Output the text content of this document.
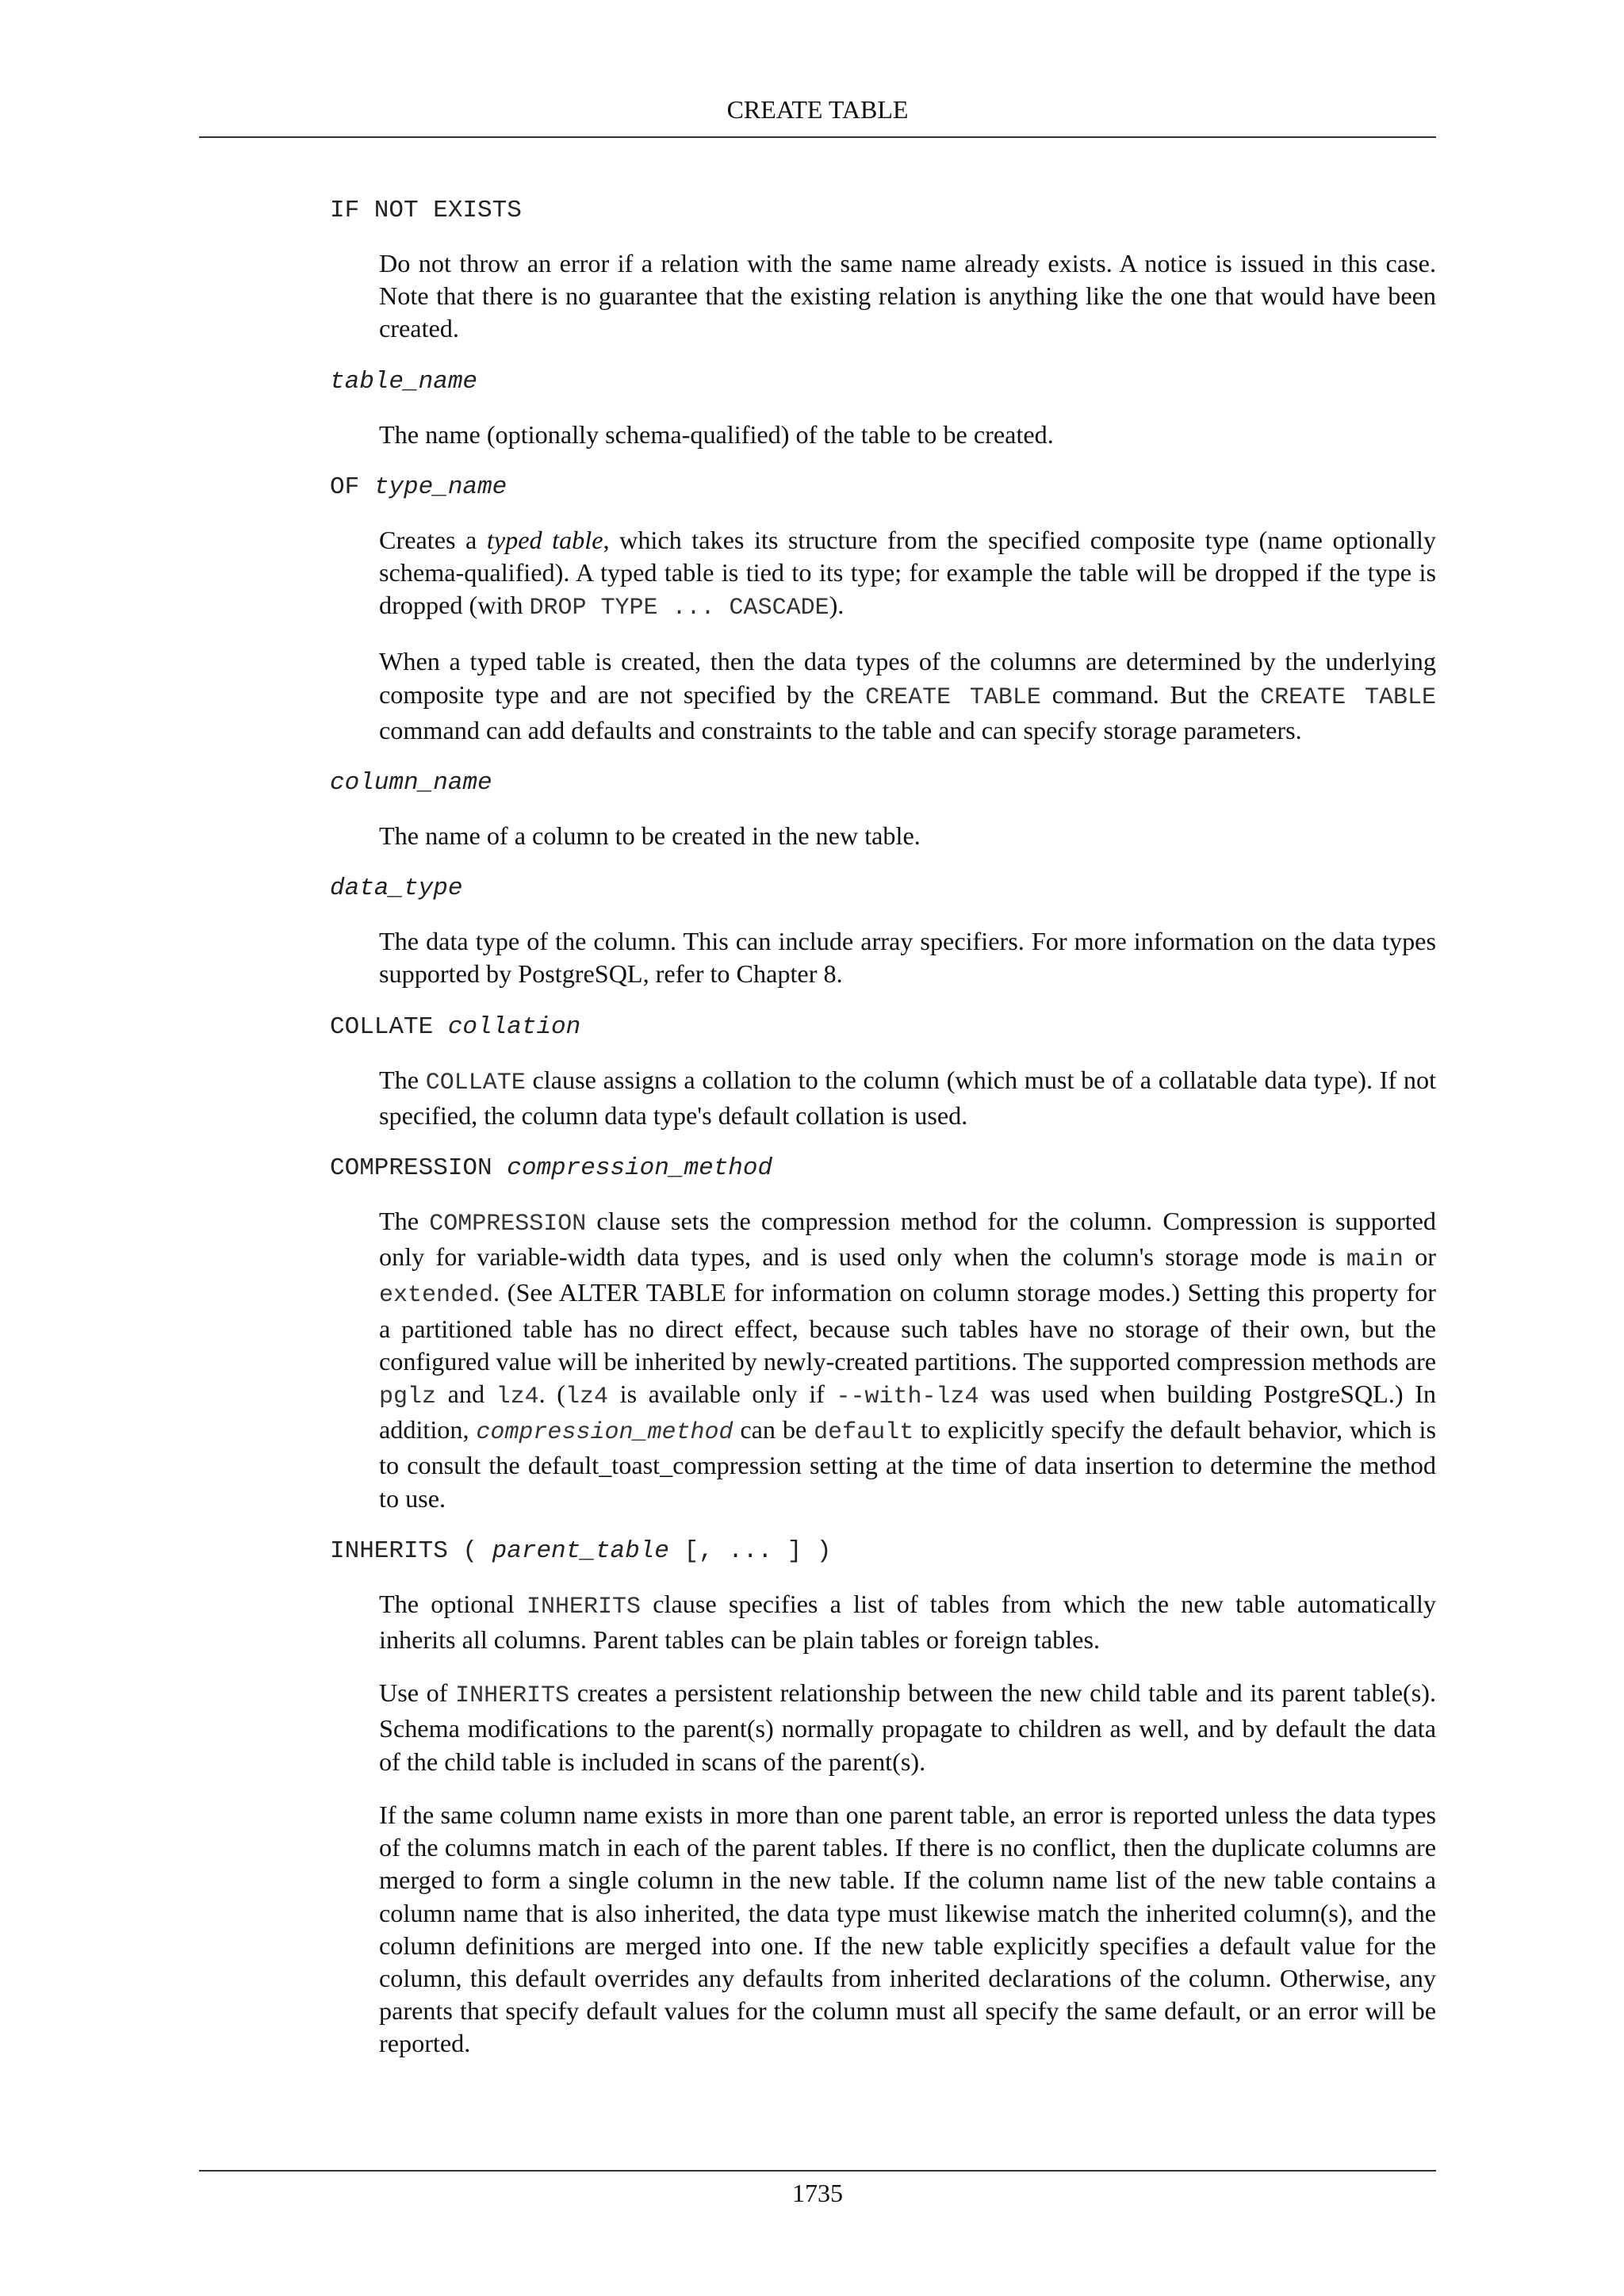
CREATE TABLE

IF NOT EXISTS

Do not throw an error if a relation with the same name already exists. A notice is issued in this case. Note that there is no guarantee that the existing relation is anything like the one that would have been created.

table_name

The name (optionally schema-qualified) of the table to be created.

OF type_name

Creates a typed table, which takes its structure from the specified composite type (name optionally schema-qualified). A typed table is tied to its type; for example the table will be dropped if the type is dropped (with DROP TYPE ... CASCADE).

When a typed table is created, then the data types of the columns are determined by the underlying composite type and are not specified by the CREATE TABLE command. But the CREATE TABLE command can add defaults and constraints to the table and can specify storage parameters.

column_name

The name of a column to be created in the new table.

data_type

The data type of the column. This can include array specifiers. For more information on the data types supported by PostgreSQL, refer to Chapter 8.

COLLATE collation

The COLLATE clause assigns a collation to the column (which must be of a collatable data type). If not specified, the column data type's default collation is used.

COMPRESSION compression_method

The COMPRESSION clause sets the compression method for the column. Compression is supported only for variable-width data types, and is used only when the column's storage mode is main or extended. (See ALTER TABLE for information on column storage modes.) Setting this property for a partitioned table has no direct effect, because such tables have no storage of their own, but the configured value will be inherited by newly-created partitions. The supported compression methods are pglz and lz4. (lz4 is available only if --with-lz4 was used when building PostgreSQL.) In addition, compression_method can be default to explicitly specify the default behavior, which is to consult the default_toast_compression setting at the time of data insertion to determine the method to use.

INHERITS ( parent_table [, ... ] )

The optional INHERITS clause specifies a list of tables from which the new table automatically inherits all columns. Parent tables can be plain tables or foreign tables.

Use of INHERITS creates a persistent relationship between the new child table and its parent table(s). Schema modifications to the parent(s) normally propagate to children as well, and by default the data of the child table is included in scans of the parent(s).

If the same column name exists in more than one parent table, an error is reported unless the data types of the columns match in each of the parent tables. If there is no conflict, then the duplicate columns are merged to form a single column in the new table. If the column name list of the new table contains a column name that is also inherited, the data type must likewise match the inherited column(s), and the column definitions are merged into one. If the new table explicitly specifies a default value for the column, this default overrides any defaults from inherited declarations of the column. Otherwise, any parents that specify default values for the column must all specify the same default, or an error will be reported.

1735
